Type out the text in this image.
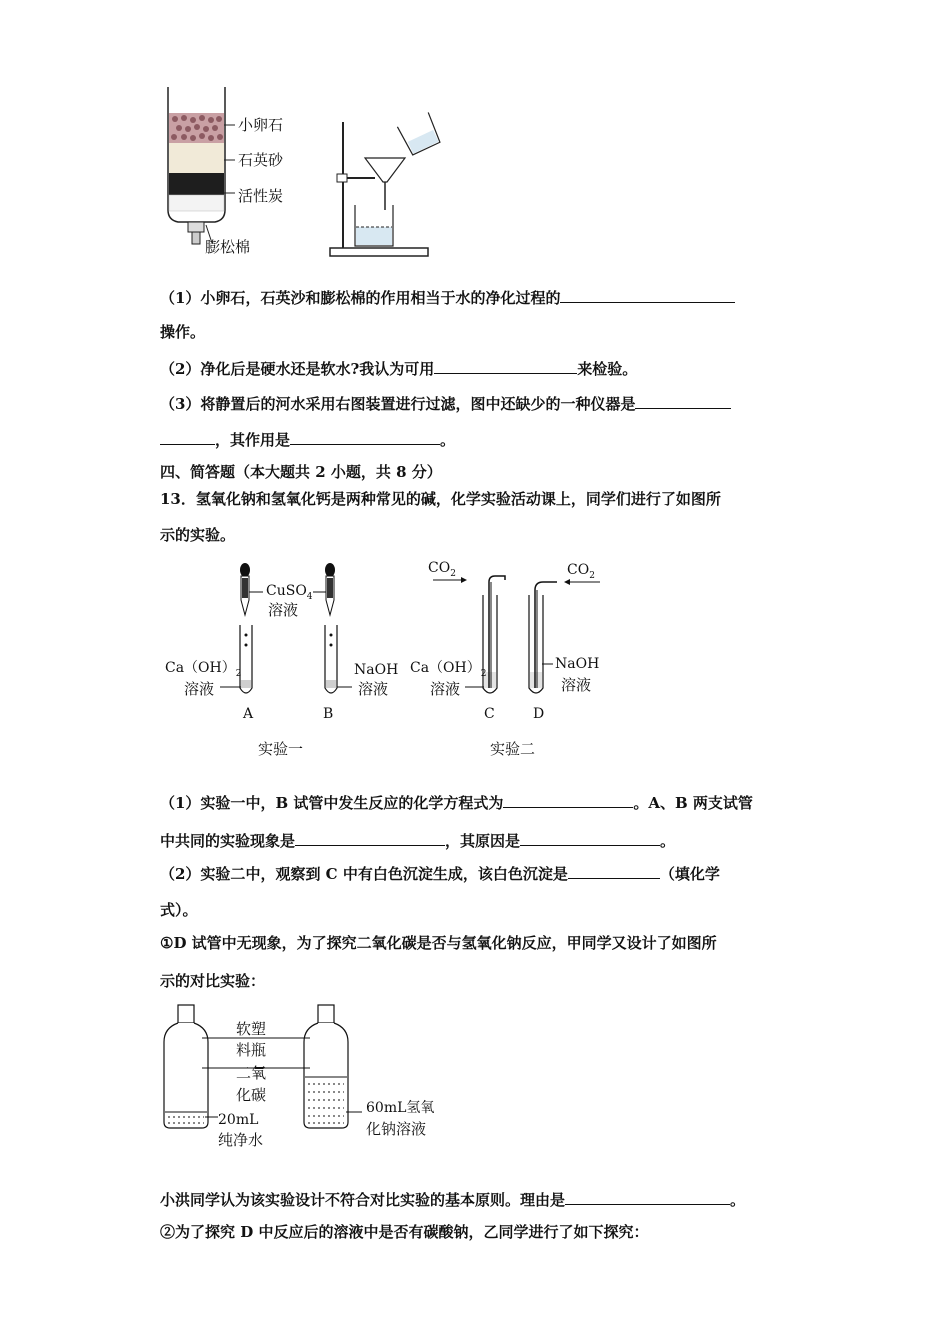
小卵石
石英砂
活性炭
膨松棉
（1）小卵石，石英沙和膨松棉的作用相当于水的净化过程的
操作。
（2）净化后是硬水还是软水?我认为可用	来检验。
（3）将静置后的河水采用右图装置进行过滤，图中还缺少的一种仪器是
，其作用是	。
四、简答题（本大题共 2 小题，共 8 分）
13．氢氧化钠和氢氧化钙是两种常见的碱，化学实验活动课上，同学们进行了如图所
示的实验。
CuSO$_4$
溶液
$Ca(OH)_2$
溶液
NaOH
溶液
A	B
实验一
$CO_2$	$CO_2$
$Ca(OH)_2$
溶液
NaOH
溶液
C	D
实验二
（1）实验一中，B 试管中发生反应的化学方程式为	。A、B 两支试管
中共同的实验现象是	，其原因是	。
（2）实验二中，观察到 C 中有白色沉淀生成，该白色沉淀是	（填化学
式）。
①D 试管中无现象，为了探究二氧化碳是否与氢氧化钠反应，甲同学又设计了如图所
示的对比实验：
软塑
料瓶
二氧
化碳
20mL
纯净水
60mL氢氧
化钠溶液
小洪同学认为该实验设计不符合对比实验的基本原则。理由是	。
②为了探究 D 中反应后的溶液中是否有碳酸钠，乙同学进行了如下探究：
